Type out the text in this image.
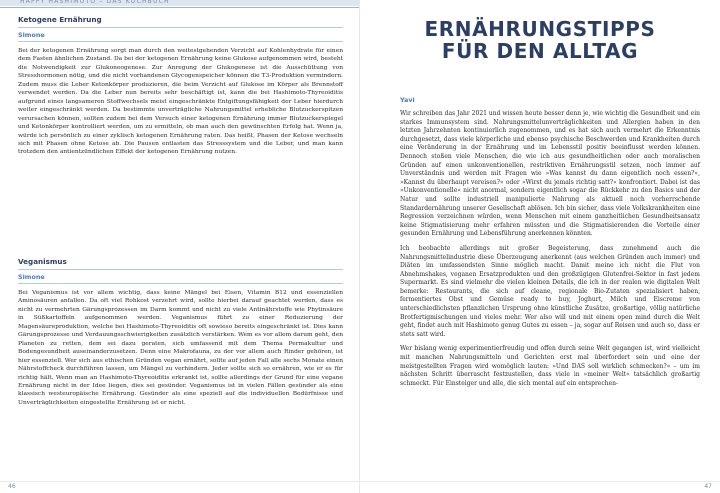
HAPPY HASHIMOTO – DAS KOCHBUCH
Ketogene Ernährung
Simone
Bei der ketogenen Ernährung sorgt man durch den weitestgehenden Verzicht auf Kohlenhydrate für einen dem Fasten ähnlichen Zustand. Da bei der ketogenen Ernährung keine Glukose aufgenommen wird, besteht die Notwendigkeit zur Glukoneogenese. Zur Anregung der Glukogenese ist die Ausschüttung von Stresshormonen nötig, und die nicht vorhandenen Glycogenspeicher können die T3-Produktion vermindern. Zudem muss die Leber Ketonkörper produzieren, die beim Verzicht auf Glukose im Körper als Brennstoff verwendet werden. Da die Leber nun bereits sehr beschäftigt ist, kann die bei Hashimoto-Thyreoiditis aufgrund eines langsameren Stoffwechsels meist eingeschränkte Entgiftungsfähigkeit der Leber hierdurch weiter eingeschränkt werden. Da bestimmte unverträgliche Nahrungsmittel erhebliche Blutzuckerspitzen verursachen können, sollten zudem bei dem Versuch einer ketogenen Ernährung immer Blutzuckerspiegel und Ketonkörper kontrolliert werden, um zu ermitteln, ob man auch den gewünschten Erfolg hat. Wenn ja, würde ich persönlich zu einer zyklisch ketogenen Ernährung raten. Das heißt, Phasen der Ketose wechseln sich mit Phasen ohne Ketose ab. Die Pausen entlasten das Stresssystem und die Leber, und man kann trotzdem den antientzündlichen Effekt der ketogenen Ernährung nutzen.
Veganismus
Simone
Bei Veganismus ist vor allem wichtig, dass keine Mängel bei Eisen, Vitamin B12 und essenziellen Aminosäuren anfallen. Da oft viel Rohkost verzehrt wird, sollte hierbei darauf geachtet werden, dass es nicht zu vermehrten Gärungsprozessen im Darm kommt und nicht zu viele Antinährstoffe wie Phytinsäure in Süßkartoffeln aufgenommen werden. Veganismus führt zu einer Reduzierung der Magensäureproduktion, welche bei Hashimoto-Thyreoiditis oft sowieso bereits eingeschränkt ist. Dies kann Gärungsprozesse und Verdauungsschwierigkeiten zusätzlich verstärken. Wem es vor allem darum geht, den Planeten zu retten, dem sei dazu geraten, sich umfassend mit dem Thema Permakultur und Bodengesundheit auseinanderzusetzen. Denn eine Makrofauna, zu der vor allem auch Rinder gehören, ist hier essenziell. Wer sich aus ethischen Gründen vegan ernährt, sollte auf jeden Fall alle sechs Monate einen Nährstoffcheck durchführen lassen, um Mängel zu verhindern. Jeder sollte sich so ernähren, wie er es für richtig hält. Wenn man an Hashimoto-Thyreoiditis erkrankt ist, sollte allerdings der Grund für eine vegane Ernährung nicht in der Idee liegen, dies sei gesünder. Veganismus ist in vielen Fällen gesünder als eine klassisch westeuropäische Ernährung. Gesünder als eine speziell auf die individuellen Bedürfnisse und Unverträglichkeiten eingestellte Ernährung ist er nicht.
46
ERNÄHRUNGSTIPPS
FÜR DEN ALLTAG
Yavi
Wir schreiben das Jahr 2021 und wissen heute besser denn je, wie wichtig die Gesundheit und ein starkes Immunsystem sind. Nahrungsmittelunverträglichkeiten und Allergien haben in den letzten Jahrzehnten kontinuierlich zugenommen, und es hat sich auch vermehrt die Erkenntnis durchgesetzt, dass viele körperliche und ebenso psychische Beschwerden und Krankheiten durch eine Veränderung in der Ernährung und im Lebensstil positiv beeinflusst werden können. Dennoch stoßen viele Menschen, die wie ich aus gesundheitlichen oder auch moralischen Gründen auf einen unkonventionellen, restriktiven Ernährungsstil setzen, noch immer auf Unverständnis und werden mit Fragen wie »Was kannst du dann eigentlich noch essen?«, »Kannst du überhaupt vereisen?« oder »Wirst du jemals richtig satt?« konfrontiert. Dabei ist das »Unkonventionelle« nicht anormal, sondern eigentlich sogar die Rückkehr zu den Basics und der Natur und sollte industriell manipulierte Nahrung als aktuell noch vorherrschende Standardernährung unserer Gesellschaft ablösen. Ich bin sicher, dass viele Volkskrankheiten eine Regression verzeichnen würden, wenn Menschen mit einem ganzheitlichen Gesundheitsansatz keine Stigmatisierung mehr erfahren müssten und die Stigmatisierenden die Vorteile einer gesunden Ernährung und Lebensführung anerkennen könnten.
Ich beobachte allerdings mit großer Begeisterung, dass zunehmend auch die Nahrungsmittelindustrie diese Überzeugung anerkennt (aus welchen Gründen auch immer) und Diäten im umfassendsten Sinne möglich macht. Damit meine ich nicht die Flut von Abnehmshakes, veganen Ersatzprodukten und den großzügigen Glutenfrei-Sektor in fast jedem Supermarkt. Es sind vielmehr die vielen kleinen Details, die ich in der realen wie digitalen Welt bemerke: Restaurants, die sich auf cleane, regionale Bio-Zutaten spezialisiert haben, fermentiertes Obst und Gemüse ready to buy, Joghurt, Milch und Eiscreme von unterschiedlichsten pflanzlichen Ursprung ohne künstliche Zusätze, großartige, völlig natürliche Brotfertigmischungen und vieles mehr. Wer also will und mit einem open mind durch die Welt geht, findet auch mit Hashimoto genug Gutes zu essen – ja, sogar auf Reisen und auch so, dass er stets satt wird.
Wer bislang wenig experimentierfreudig und offen durch seine Welt gegangen ist, wird vielleicht mit manchen Nahrungsmitteln und Gerichten erst mal überfordert sein und eine der meistgestellten Fragen wird womöglich lauten: »Und DAS soll wirklich schmecken?« – um im nächsten Schritt überrascht festzustellen, dass viele in »meiner Welt« tatsächlich großartig schmeckt. Für Einsteiger und alle, die sich mental auf ein entsprechen-
47
